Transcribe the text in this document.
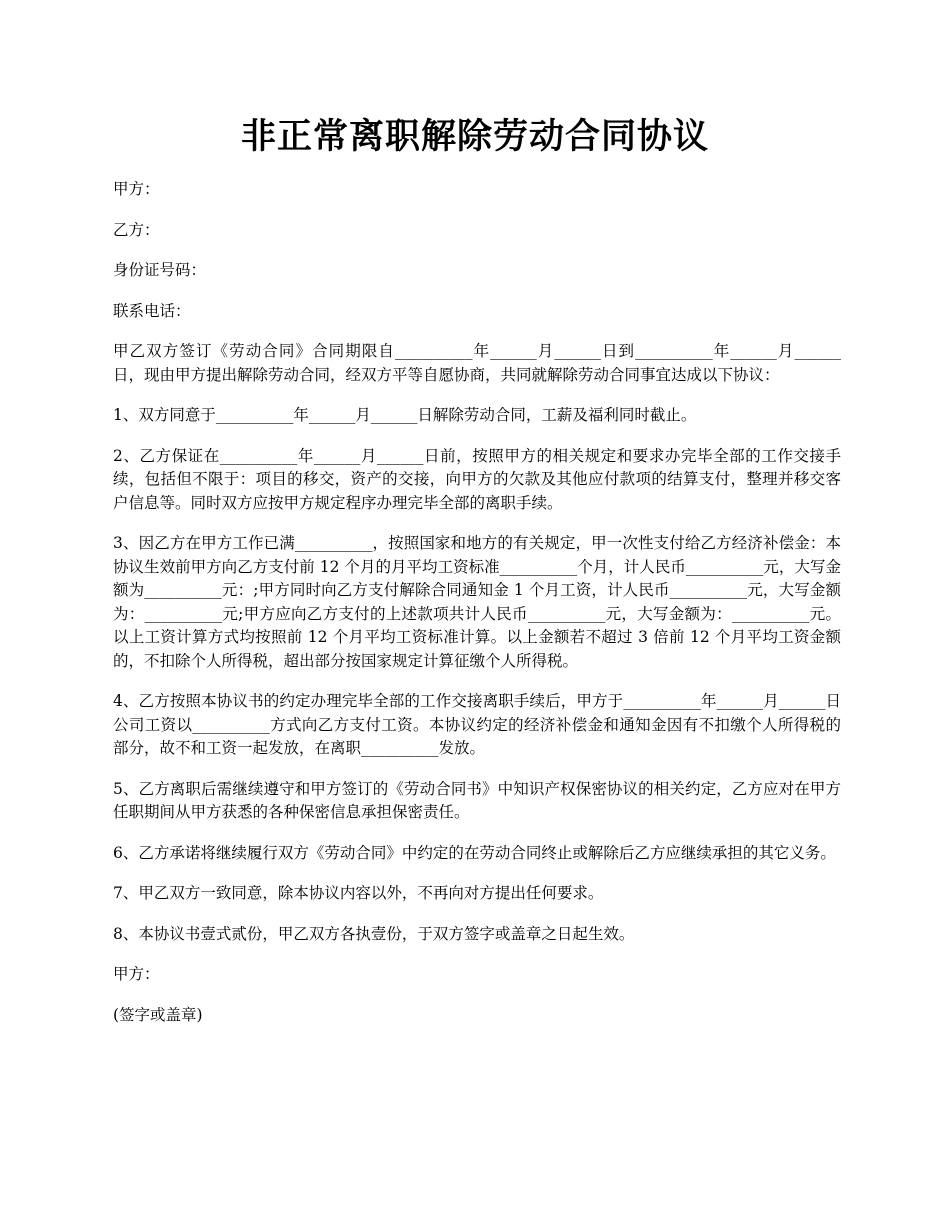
非正常离职解除劳动合同协议

甲方：

乙方：

身份证号码：

联系电话：

甲乙双方签订《劳动合同》合同期限自__________年______月______日到__________年______月______日，现由甲方提出解除劳动合同，经双方平等自愿协商，共同就解除劳动合同事宜达成以下协议：

1、双方同意于__________年______月______日解除劳动合同，工薪及福利同时截止。

2、乙方保证在__________年______月______日前，按照甲方的相关规定和要求办完毕全部的工作交接手续，包括但不限于：项目的移交，资产的交接，向甲方的欠款及其他应付款项的结算支付，整理并移交客户信息等。同时双方应按甲方规定程序办理完毕全部的离职手续。

3、因乙方在甲方工作已满__________，按照国家和地方的有关规定，甲一次性支付给乙方经济补偿金：本协议生效前甲方向乙方支付前 12 个月的月平均工资标准__________个月，计人民币__________元，大写金额为__________元：;甲方同时向乙方支付解除合同通知金 1 个月工资，计人民币__________元，大写金额为：__________元;甲方应向乙方支付的上述款项共计人民币__________元，大写金额为：__________元。以上工资计算方式均按照前 12 个月平均工资标准计算。以上金额若不超过 3 倍前 12 个月平均工资金额的，不扣除个人所得税，超出部分按国家规定计算征缴个人所得税。

4、乙方按照本协议书的约定办理完毕全部的工作交接离职手续后，甲方于__________年______月______日公司工资以__________方式向乙方支付工资。本协议约定的经济补偿金和通知金因有不扣缴个人所得税的部分，故不和工资一起发放，在离职__________发放。

5、乙方离职后需继续遵守和甲方签订的《劳动合同书》中知识产权保密协议的相关约定，乙方应对在甲方任职期间从甲方获悉的各种保密信息承担保密责任。

6、乙方承诺将继续履行双方《劳动合同》中约定的在劳动合同终止或解除后乙方应继续承担的其它义务。

7、甲乙双方一致同意，除本协议内容以外，不再向对方提出任何要求。

8、本协议书壹式贰份，甲乙双方各执壹份，于双方签字或盖章之日起生效。

甲方：

(签字或盖章)
